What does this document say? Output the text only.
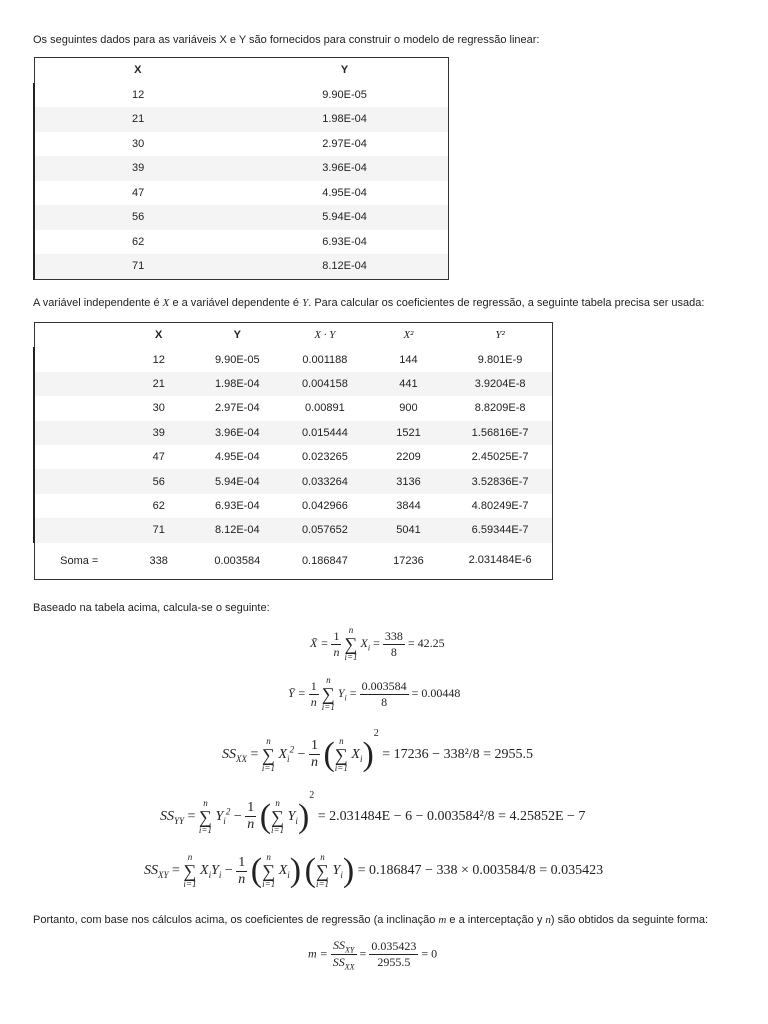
Os seguintes dados para as variáveis X e Y são fornecidos para construir o modelo de regressão linear:
X	Y
12	9.90E-05
21	1.98E-04
30	2.97E-04
39	3.96E-04
47	4.95E-04
56	5.94E-04
62	6.93E-04
71	8.12E-04
A variável independente é X e a variável dependente é Y. Para calcular os coeficientes de regressão, a seguinte tabela precisa ser usada:
	X	Y	X · Y	X²	Y²
	12	9.90E-05	0.001188	144	9.801E-9
	21	1.98E-04	0.004158	441	3.9204E-8
	30	2.97E-04	0.00891	900	8.8209E-8
	39	3.96E-04	0.015444	1521	1.56816E-7
	47	4.95E-04	0.023265	2209	2.45025E-7
	56	5.94E-04	0.033264	3136	3.52836E-7
	62	6.93E-04	0.042966	3844	4.80249E-7
	71	8.12E-04	0.057652	5041	6.59344E-7
Soma =	338	0.003584	0.186847	17236	2.031484E-6
Baseado na tabela acima, calcula-se o seguinte:
X̄ = $\frac{1}{n}$
n
∑
i=1
$X_i = \frac{338}{8} = 42.25$
Ȳ = $\frac{1}{n}$
n
∑
i=1
$Y_i = \frac{0.003584}{8} = 0.00448$
$SS_{XX}$ =
n
∑
i=1
$X_i^2 - \frac{1}{n}$ ( n
∑
i=1
$X_i)^2 = 17236 - 338^2/8 = 2955.5$
$SS_{YY}$ =
n
∑
i=1
$Y_i^2 - \frac{1}{n}$ ( n
∑
i=1
$Y_i)^2 = 2.031484E - 6 - 0.003584^2/8 = 4.25852E - 7$
$SS_{XY}$ =
n
∑
i=1
$X_iY_i - \frac{1}{n}$ ( n
∑
i=1
$X_i$) ( n
∑
i=1
$Y_i) = 0.186847 - 338 \times 0.003584/8 = 0.035423$
Portanto, com base nos cálculos acima, os coeficientes de regressão (a inclinação m e a interceptação y n) são obtidos da seguinte forma:
$m = \frac{SS_{XY}}{SS_{XX}} = \frac{0.035423}{2955.5} = 0$
